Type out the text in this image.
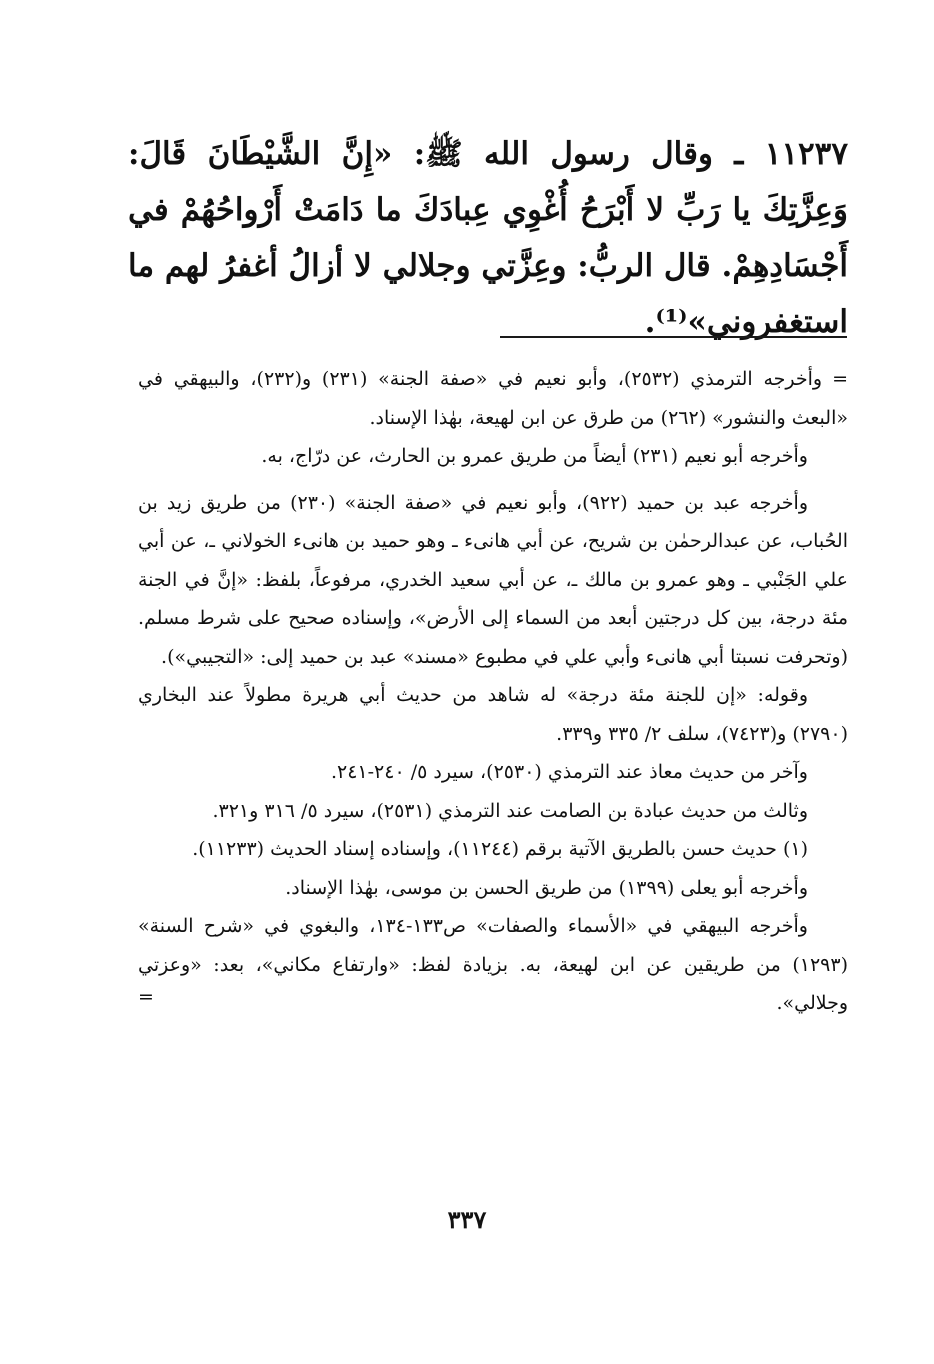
١١٢٣٧ ـ وقال رسول الله ﷺ: «إِنَّ الشَّيْطَانَ قَالَ: وَعِزَّتِكَ يا رَبِّ لا أَبْرَحُ أُغْوِي عِبادَكَ ما دَامَتْ أَرْواحُهُمْ في أَجْسَادِهِمْ. قال الربُّ: وعِزَّتي وجلالي لا أزالُ أغفرُ لهم ما استغفروني»⁽¹⁾.

=وأخرجه الترمذي (٢٥٣٢)، وأبو نعيم في «صفة الجنة» (٢٣١) و(٢٣٢)، والبيهقي في «البعث والنشور» (٢٦٢) من طرق عن ابن لهيعة، بهٰذا الإسناد.

وأخرجه أبو نعيم (٢٣١) أيضاً من طريق عمرو بن الحارث، عن درّاج، به.

وأخرجه عبد بن حميد (٩٢٢)، وأبو نعيم في «صفة الجنة» (٢٣٠) من طريق زيد بن الحُباب، عن عبدالرحمٰن بن شريح، عن أبي هانىء ـ وهو حميد بن هانىء الخولاني ـ، عن أبي علي الجَنْبي ـ وهو عمرو بن مالك ـ، عن أبي سعيد الخدري، مرفوعاً، بلفظ: «إنَّ في الجنة مئة درجة، بين كل درجتين أبعد من السماء إلى الأرض»، وإسناده صحيح على شرط مسلم. (وتحرفت نسبتا أبي هانىء وأبي علي في مطبوع «مسند» عبد بن حميد إلى: «التجيبي»).

وقوله: «إن للجنة مئة درجة» له شاهد من حديث أبي هريرة مطولاً عند البخاري (٢٧٩٠) و(٧٤٢٣)، سلف ٢/ ٣٣٥ و٣٣٩.

وآخر من حديث معاذ عند الترمذي (٢٥٣٠)، سيرد ٥/ ٢٤٠-٢٤١.

وثالث من حديث عبادة بن الصامت عند الترمذي (٢٥٣١)، سيرد ٥/ ٣١٦ و٣٢١.

(١) حديث حسن بالطريق الآتية برقم (١١٢٤٤)، وإسناده إسناد الحديث (١١٢٣٣).

وأخرجه أبو يعلى (١٣٩٩) من طريق الحسن بن موسى، بهٰذا الإسناد.

وأخرجه البيهقي في «الأسماء والصفات» ص١٣٣-١٣٤، والبغوي في «شرح السنة» (١٢٩٣) من طريقين عن ابن لهيعة، به. بزيادة لفظ: «وارتفاع مكاني»، بعد: «وعزتي وجلالي».
=

٣٣٧
